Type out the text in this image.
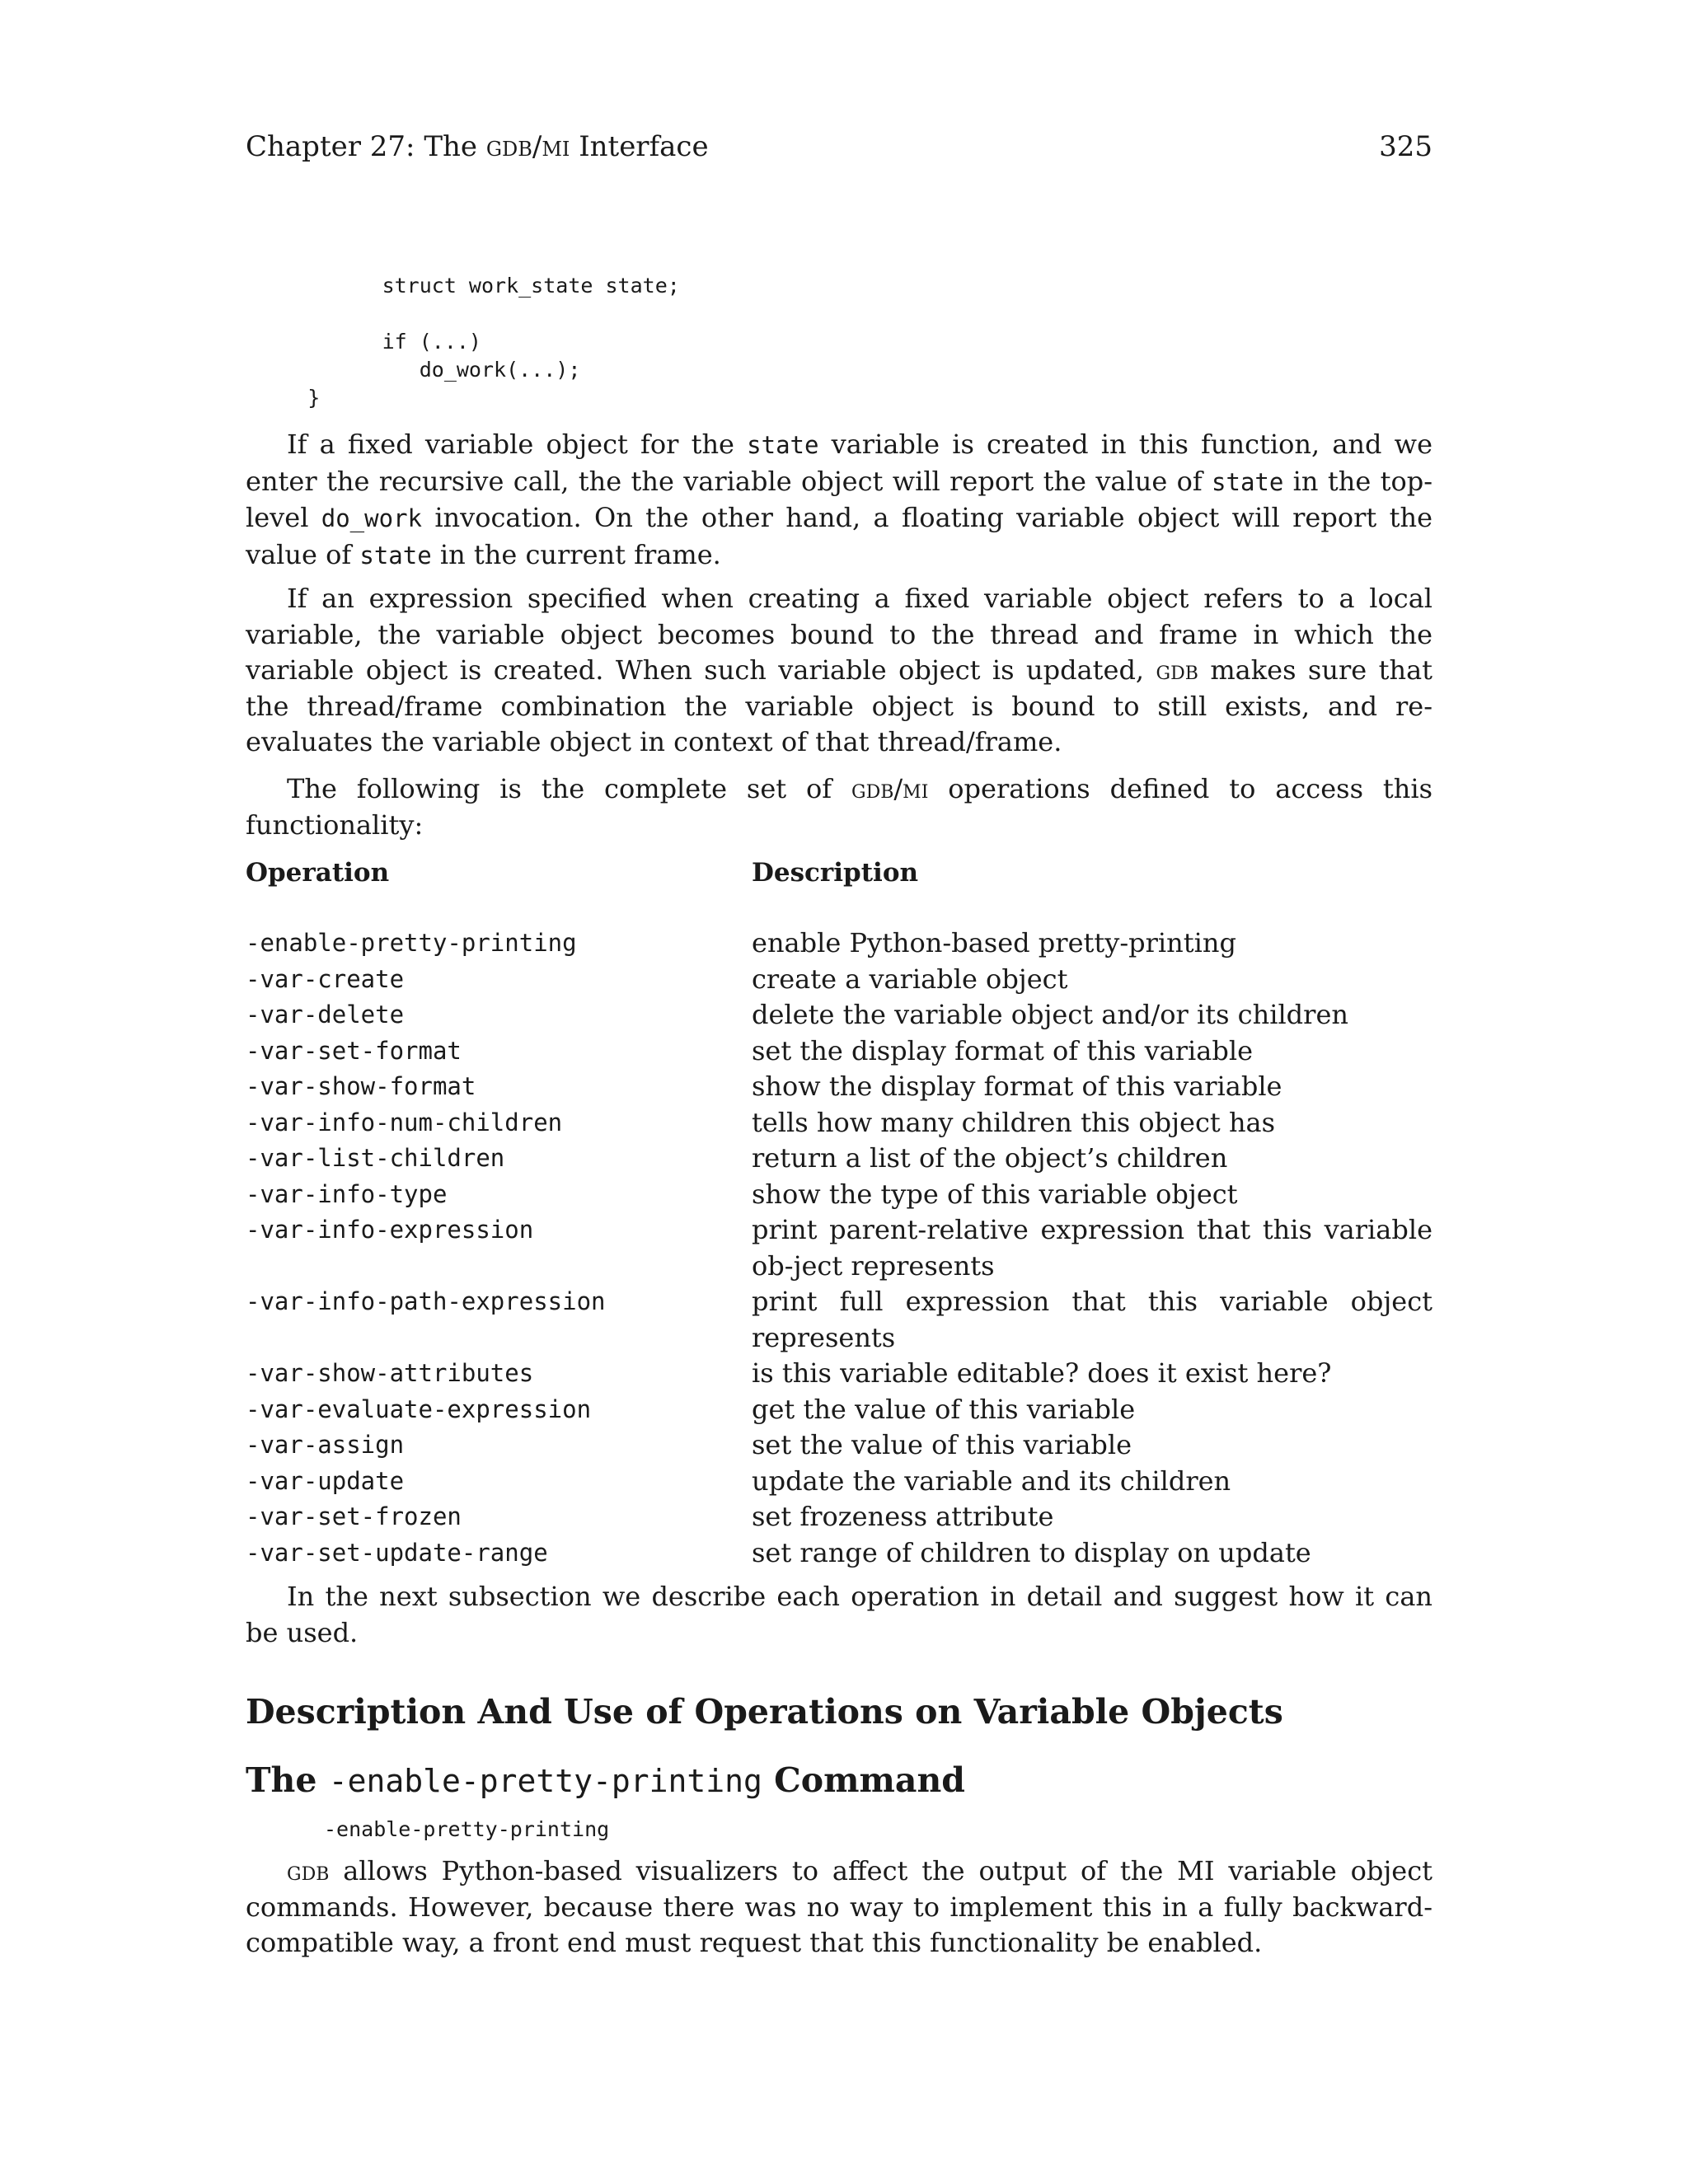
Chapter 27: The gdb/mi Interface	325
struct work_state state;

if (...)
do_work(...);
}

If a fixed variable object for the state variable is created in this function, and we enter the recursive call, the the variable object will report the value of state in the top-level do_work invocation. On the other hand, a floating variable object will report the value of state in the current frame.

If an expression specified when creating a fixed variable object refers to a local variable, the variable object becomes bound to the thread and frame in which the variable object is created. When such variable object is updated, gdb makes sure that the thread/frame combination the variable object is bound to still exists, and re-evaluates the variable object in context of that thread/frame.

The following is the complete set of gdb/mi operations defined to access this functionality:

Operation	Description
-enable-pretty-printing	enable Python-based pretty-printing
-var-create	create a variable object
-var-delete	delete the variable object and/or its children
-var-set-format	set the display format of this variable
-var-show-format	show the display format of this variable
-var-info-num-children	tells how many children this object has
-var-list-children	return a list of the object’s children
-var-info-type	show the type of this variable object
-var-info-expression	print parent-relative expression that this variable ob-ject represents
-var-info-path-expression	print full expression that this variable object represents
-var-show-attributes	is this variable editable? does it exist here?
-var-evaluate-expression	get the value of this variable
-var-assign	set the value of this variable
-var-update	update the variable and its children
-var-set-frozen	set frozeness attribute
-var-set-update-range	set range of children to display on update

In the next subsection we describe each operation in detail and suggest how it can be used.

Description And Use of Operations on Variable Objects
The -enable-pretty-printing Command
-enable-pretty-printing

gdb allows Python-based visualizers to affect the output of the MI variable object commands. However, because there was no way to implement this in a fully backward-compatible way, a front end must request that this functionality be enabled.
